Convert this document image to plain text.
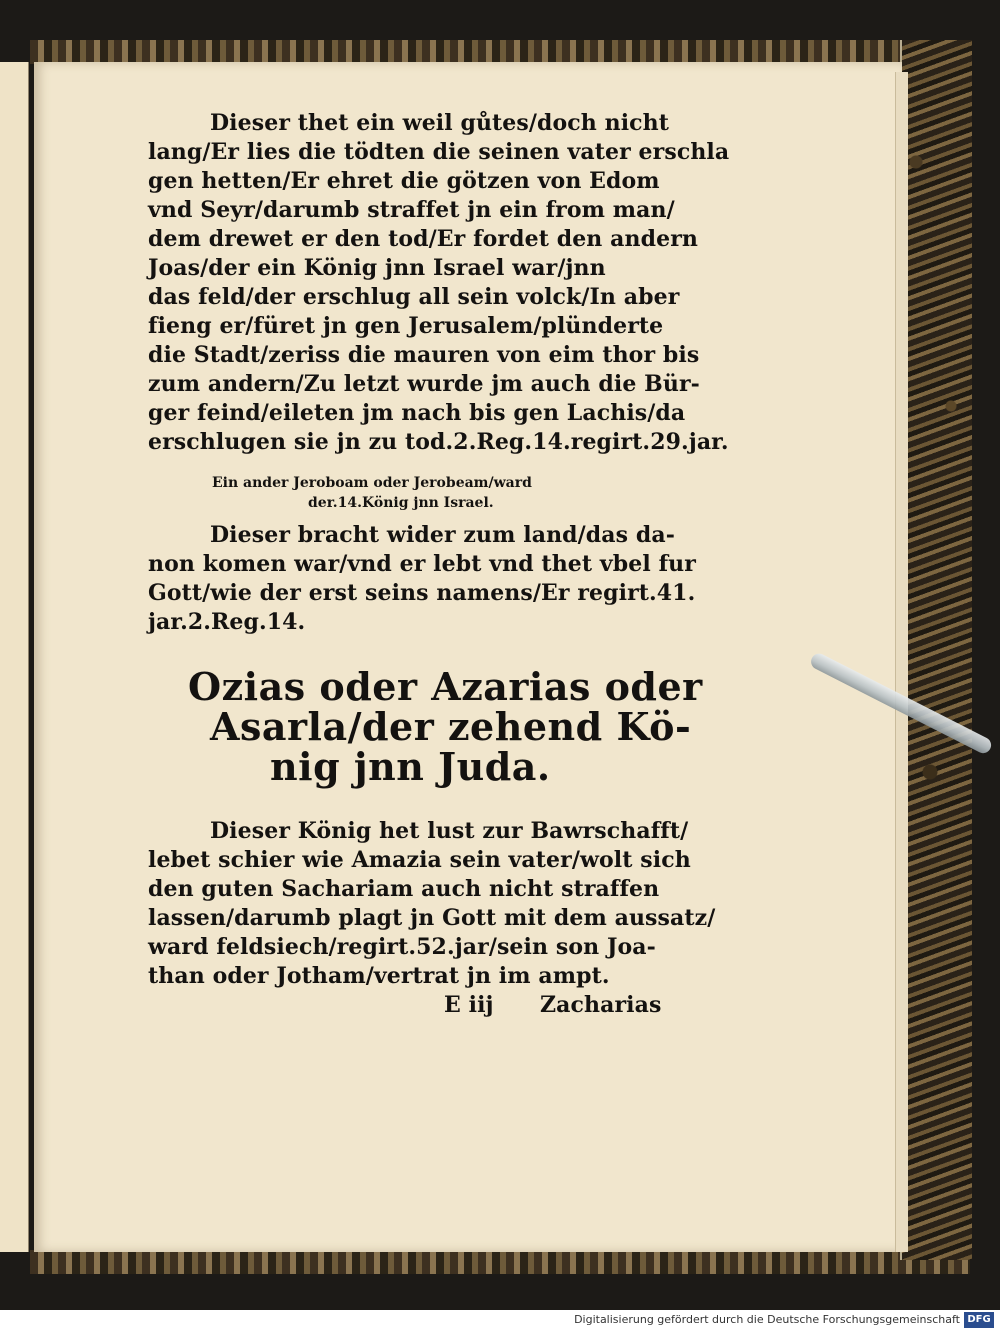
Dieser thet ein weil gůtes/doch nicht
lang/Er lies die tödten die seinen vater erschla
gen hetten/Er ehret die götzen von Edom
vnd Seyr/darumb straffet jn ein from man/
dem drewet er den tod/Er fordet den andern
Joas/der ein König jnn Israel war/jnn
das feld/der erschlug all sein volck/In aber
fieng er/füret jn gen Jerusalem/plünderte
die Stadt/zeriss die mauren von eim thor bis
zum andern/Zu letzt wurde jm auch die Bür-
ger feind/eileten jm nach bis gen Lachis/da
erschlugen sie jn zu tod.2.Reg.14.regirt.29.jar.
Ein ander Jeroboam oder Jerobeam/ward
der.14.König jnn Israel.
Dieser bracht wider zum land/das da-
non komen war/vnd er lebt vnd thet vbel fur
Gott/wie der erst seins namens/Er regirt.41.
jar.2.Reg.14.
Ozias oder Azarias oder
Asarla/der zehend Kö-
nig jnn Juda.
Dieser König het lust zur Bawrschafft/
lebet schier wie Amazia sein vater/wolt sich
den guten Sachariam auch nicht straffen
lassen/darumb plagt jn Gott mit dem aussatz/
ward feldsiech/regirt.52.jar/sein son Joa-
than oder Jotham/vertrat jn im ampt.
E iij Zacharias
Digitalisierung gefördert durch die Deutsche Forschungsgemeinschaft DFG
